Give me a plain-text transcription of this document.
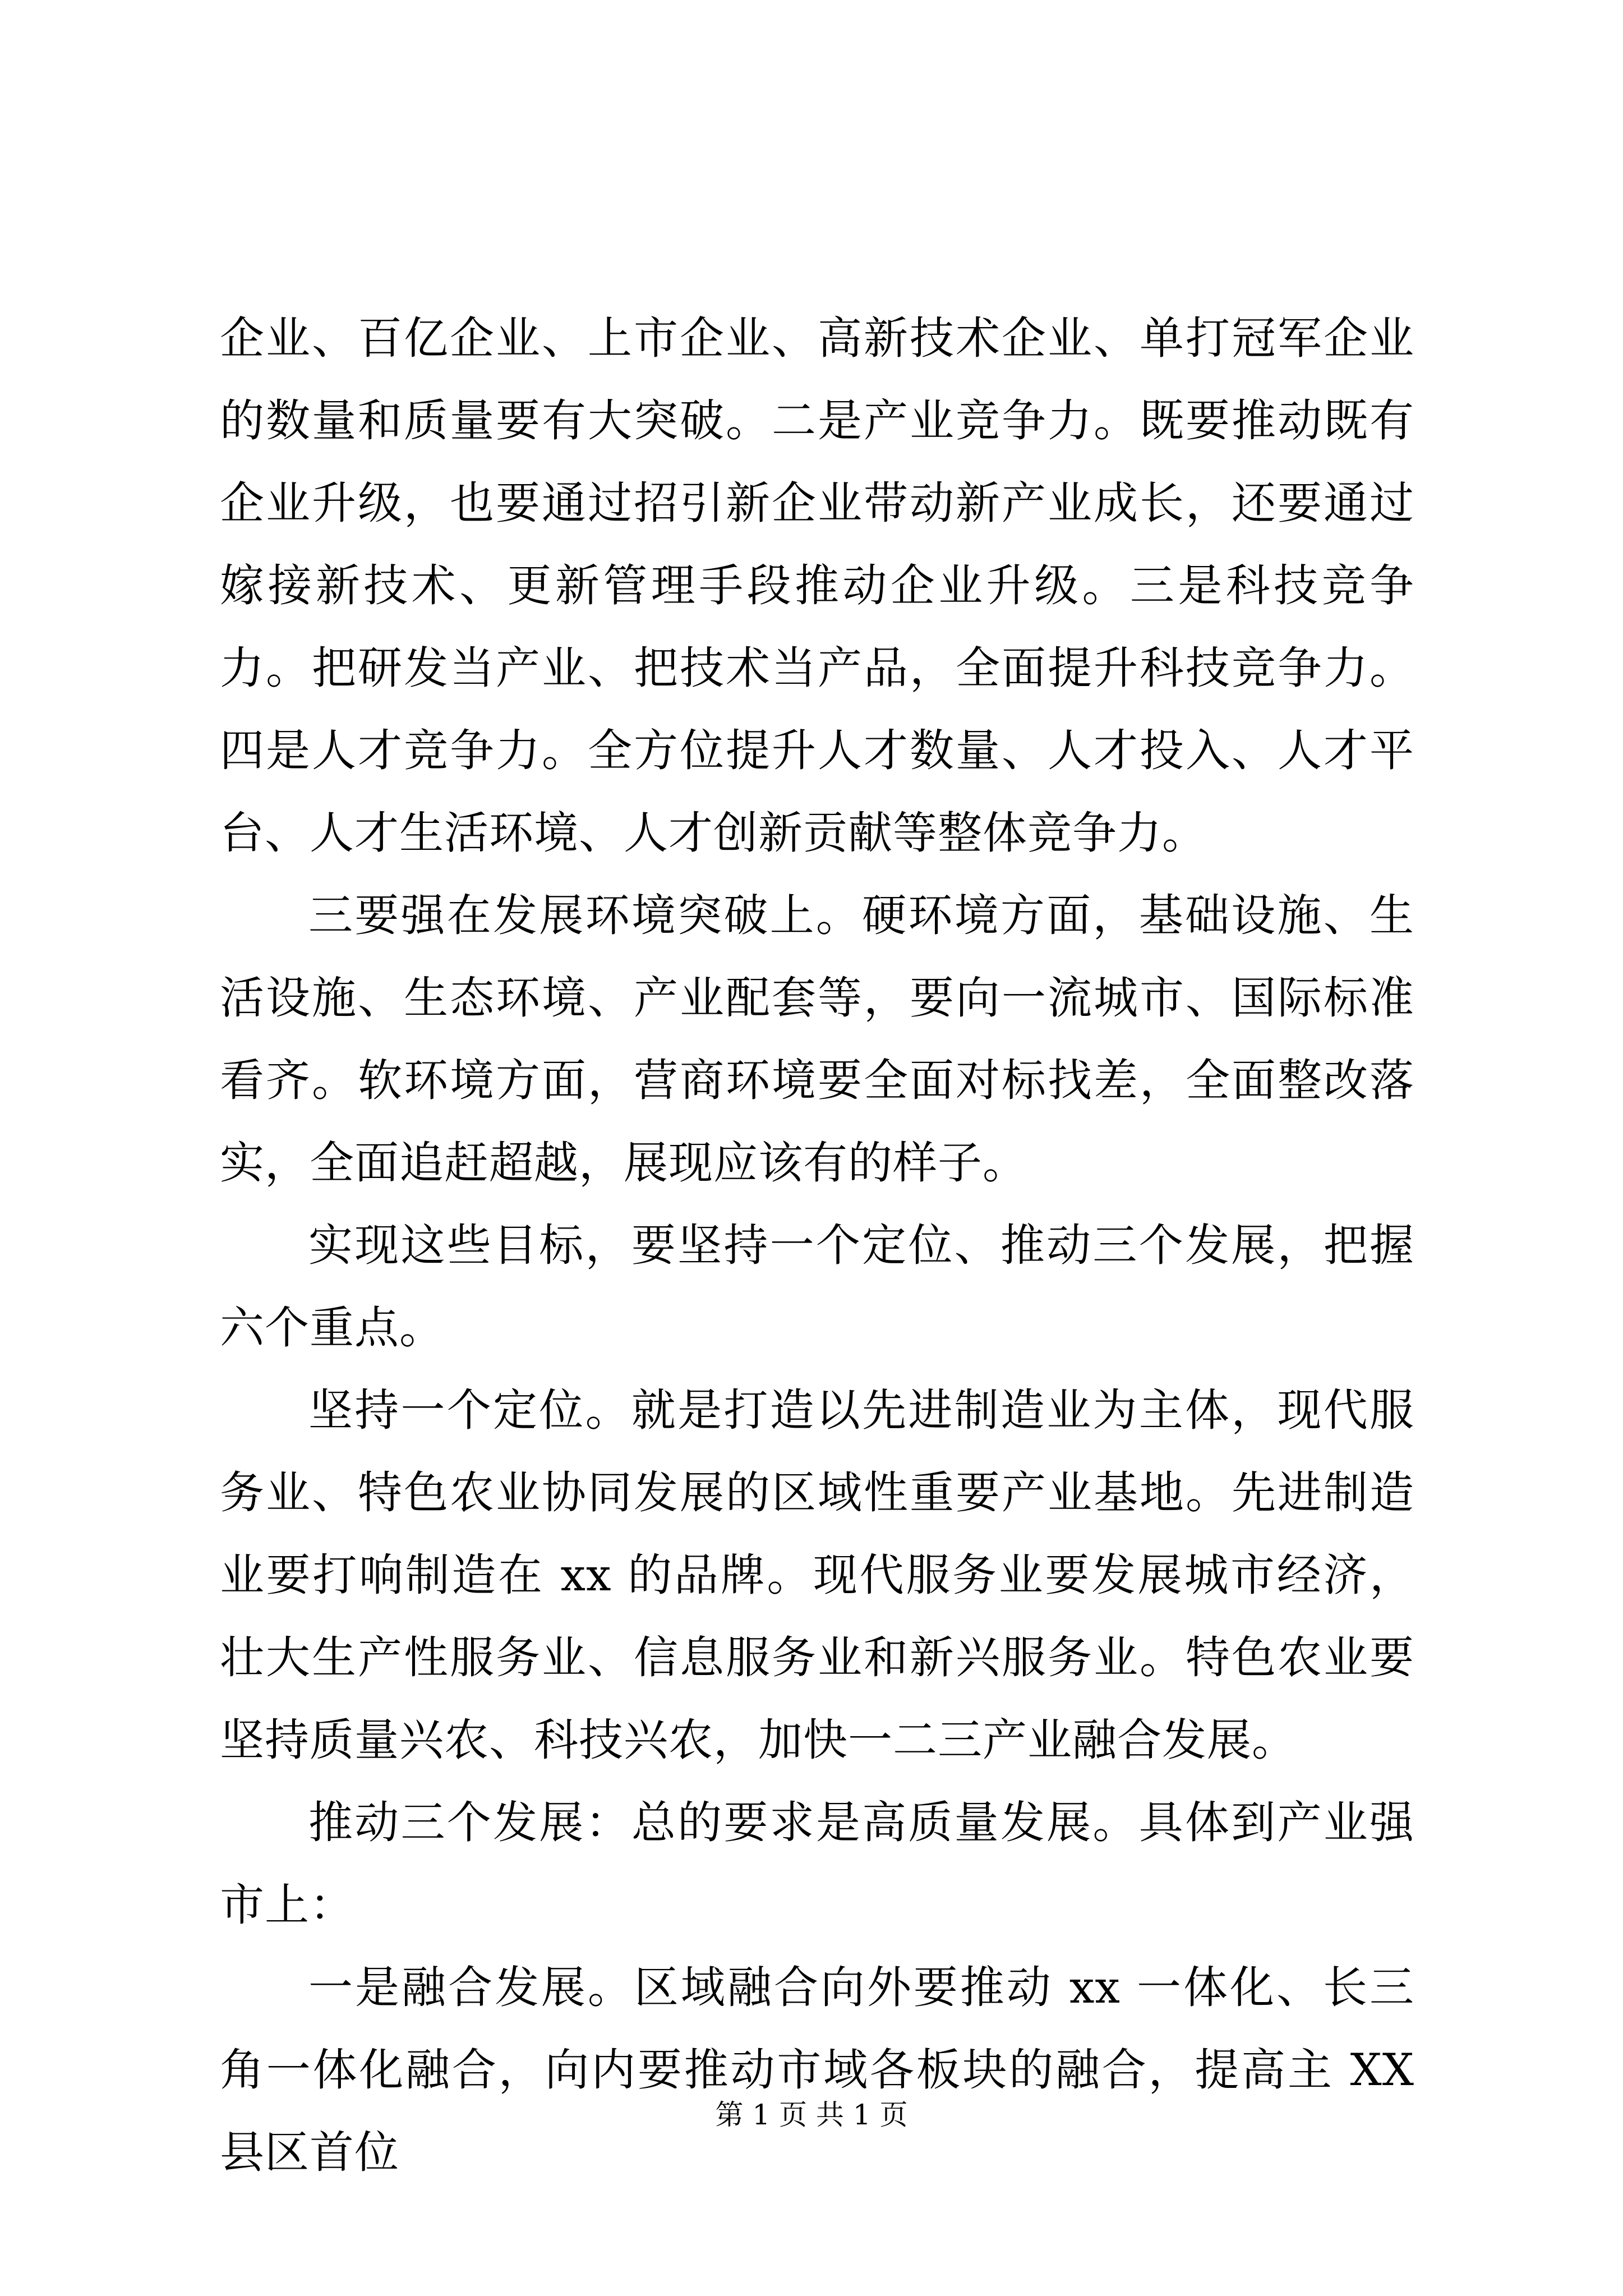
企业、百亿企业、上市企业、高新技术企业、单打冠军企业的数量和质量要有大突破。二是产业竞争力。既要推动既有企业升级，也要通过招引新企业带动新产业成长，还要通过嫁接新技术、更新管理手段推动企业升级。三是科技竞争力。把研发当产业、把技术当产品，全面提升科技竞争力。四是人才竞争力。全方位提升人才数量、人才投入、人才平台、人才生活环境、人才创新贡献等整体竞争力。

三要强在发展环境突破上。硬环境方面，基础设施、生活设施、生态环境、产业配套等，要向一流城市、国际标准看齐。软环境方面，营商环境要全面对标找差，全面整改落实，全面追赶超越，展现应该有的样子。

实现这些目标，要坚持一个定位、推动三个发展，把握六个重点。

坚持一个定位。就是打造以先进制造业为主体，现代服务业、特色农业协同发展的区域性重要产业基地。先进制造业要打响制造在 xx 的品牌。现代服务业要发展城市经济，壮大生产性服务业、信息服务业和新兴服务业。特色农业要坚持质量兴农、科技兴农，加快一二三产业融合发展。

推动三个发展：总的要求是高质量发展。具体到产业强市上：

一是融合发展。区域融合向外要推动 xx 一体化、长三角一体化融合，向内要推动市域各板块的融合，提高主 XX 县区首位

第 1 页 共 1 页
